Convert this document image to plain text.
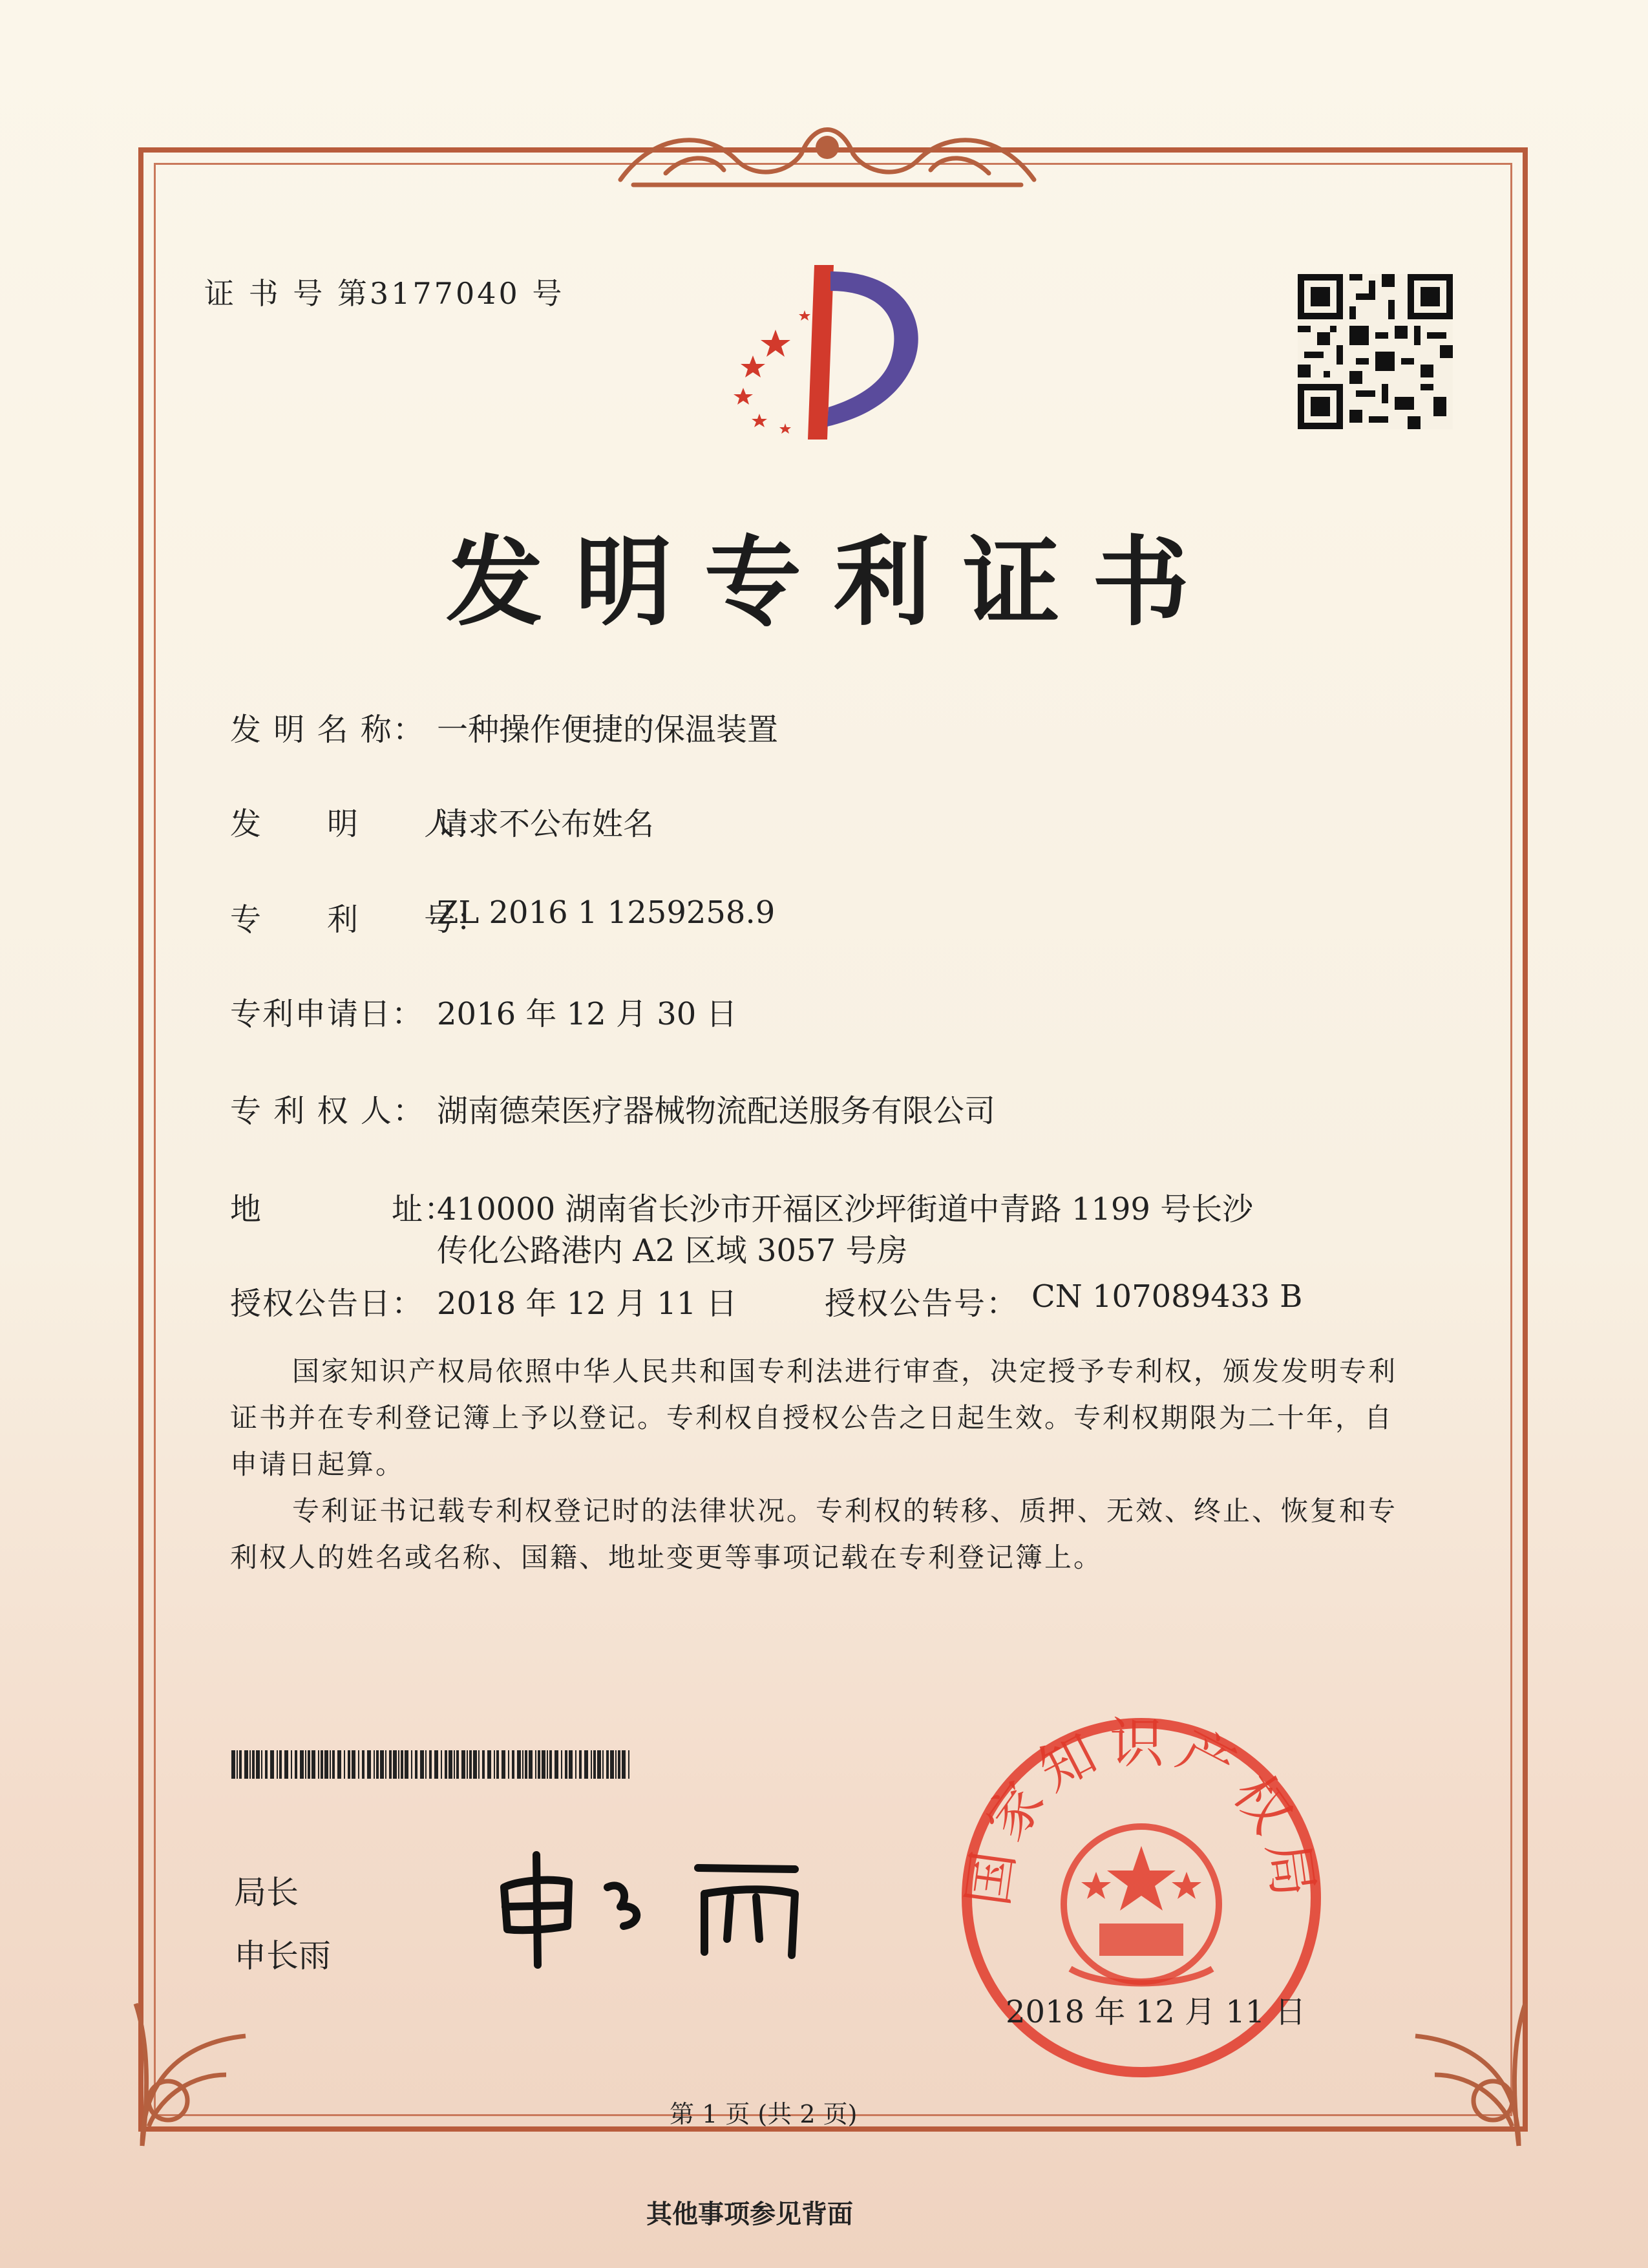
证 书 号 第3177040 号
发明专利证书
发 明 名 称： 一种操作便捷的保温装置
发　　明　　人：
请求不公布姓名
专　　利　　号：
ZL 2016 1 1259258.9
专利申请日： 2016 年 12 月 30 日
专 利 权 人： 湖南德荣医疗器械物流配送服务有限公司
地　　　　址：
410000 湖南省长沙市开福区沙坪街道中青路 1199 号长沙
传化公路港内 A2 区域 3057 号房
授权公告日： 2018 年 12 月 11 日	授权公告号： CN 107089433 B
国家知识产权局依照中华人民共和国专利法进行审查，决定授予专利权，颁发发明专利证书并在专利登记簿上予以登记。专利权自授权公告之日起生效。专利权期限为二十年，自申请日起算。
专利证书记载专利权登记时的法律状况。专利权的转移、质押、无效、终止、恢复和专利权人的姓名或名称、国籍、地址变更等事项记载在专利登记簿上。
局长
申长雨
国家知识产权局
2018 年 12 月 11 日
第 1 页 (共 2 页)
其他事项参见背面
